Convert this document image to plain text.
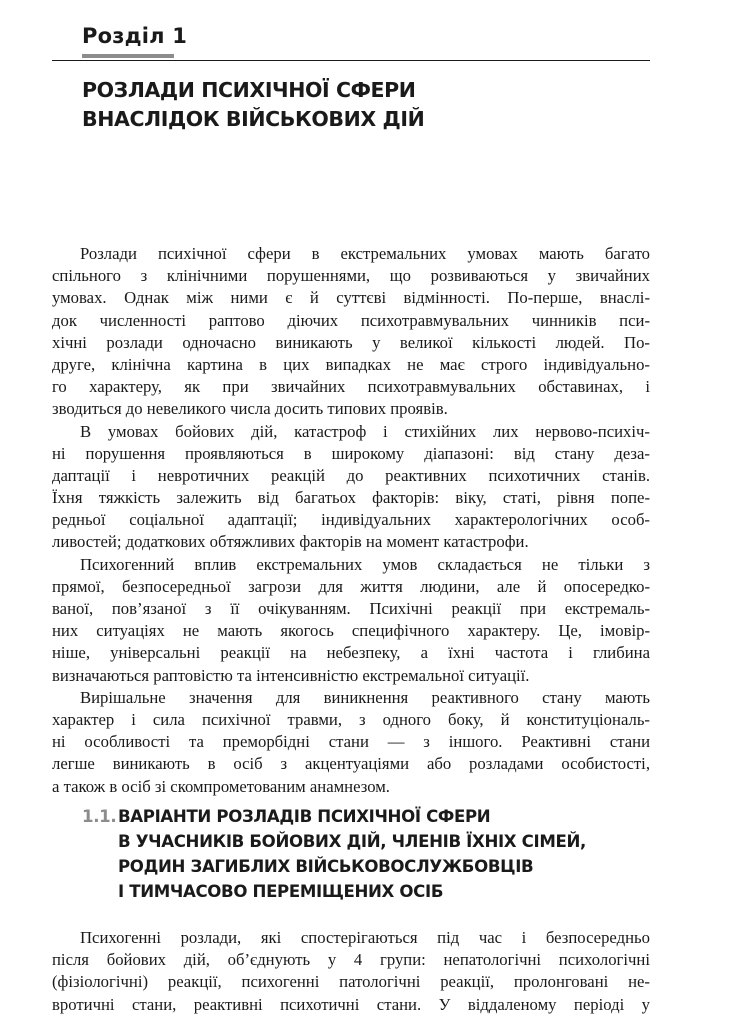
Розділ 1
РОЗЛАДИ ПСИХІЧНОЇ СФЕРИ
ВНАСЛІДОК ВІЙСЬКОВИХ ДІЙ
Розлади психічної сфери в екстремальних умовах мають багато
спільного з клінічними порушеннями, що розвиваються у звичайних
умовах. Однак між ними є й суттєві відмінності. По-перше, внаслі-
док численності раптово діючих психотравмувальних чинників пси-
хічні розлади одночасно виникають у великої кількості людей. По-
друге, клінічна картина в цих випадках не має строго індивідуально-
го характеру, як при звичайних психотравмувальних обставинах, і
зводиться до невеликого числа досить типових проявів.
В умовах бойових дій, катастроф і стихійних лих нервово-психіч-
ні порушення проявляються в широкому діапазоні: від стану деза-
даптації і невротичних реакцій до реактивних психотичних станів.
Їхня тяжкість залежить від багатьох факторів: віку, статі, рівня попе-
редньої соціальної адаптації; індивідуальних характерологічних особ-
ливостей; додаткових обтяжливих факторів на момент катастрофи.
Психогенний вплив екстремальних умов складається не тільки з
прямої, безпосередньої загрози для життя людини, але й опосередко-
ваної, пов’язаної з її очікуванням. Психічні реакції при екстремаль-
них ситуаціях не мають якогось специфічного характеру. Це, імовір-
ніше, універсальні реакції на небезпеку, а їхні частота і глибина
визначаються раптовістю та інтенсивністю екстремальної ситуації.
Вирішальне значення для виникнення реактивного стану мають
характер і сила психічної травми, з одного боку, й конституціональ-
ні особливості та преморбідні стани — з іншого. Реактивні стани
легше виникають в осіб з акцентуаціями або розладами особистості,
а також в осіб зі скомпрометованим анамнезом.
1.1. ВАРІАНТИ РОЗЛАДІВ ПСИХІЧНОЇ СФЕРИ
В УЧАСНИКІВ БОЙОВИХ ДІЙ, ЧЛЕНІВ ЇХНІХ СІМЕЙ,
РОДИН ЗАГИБЛИХ ВІЙСЬКОВОСЛУЖБОВЦІВ
І ТИМЧАСОВО ПЕРЕМІЩЕНИХ ОСІБ
Психогенні розлади, які спостерігаються під час і безпосередньо
після бойових дій, об’єднують у 4 групи: непатологічні психологічні
(фізіологічні) реакції, психогенні патологічні реакції, пролонговані не-
вротичні стани, реактивні психотичні стани. У віддаленому періоді у
